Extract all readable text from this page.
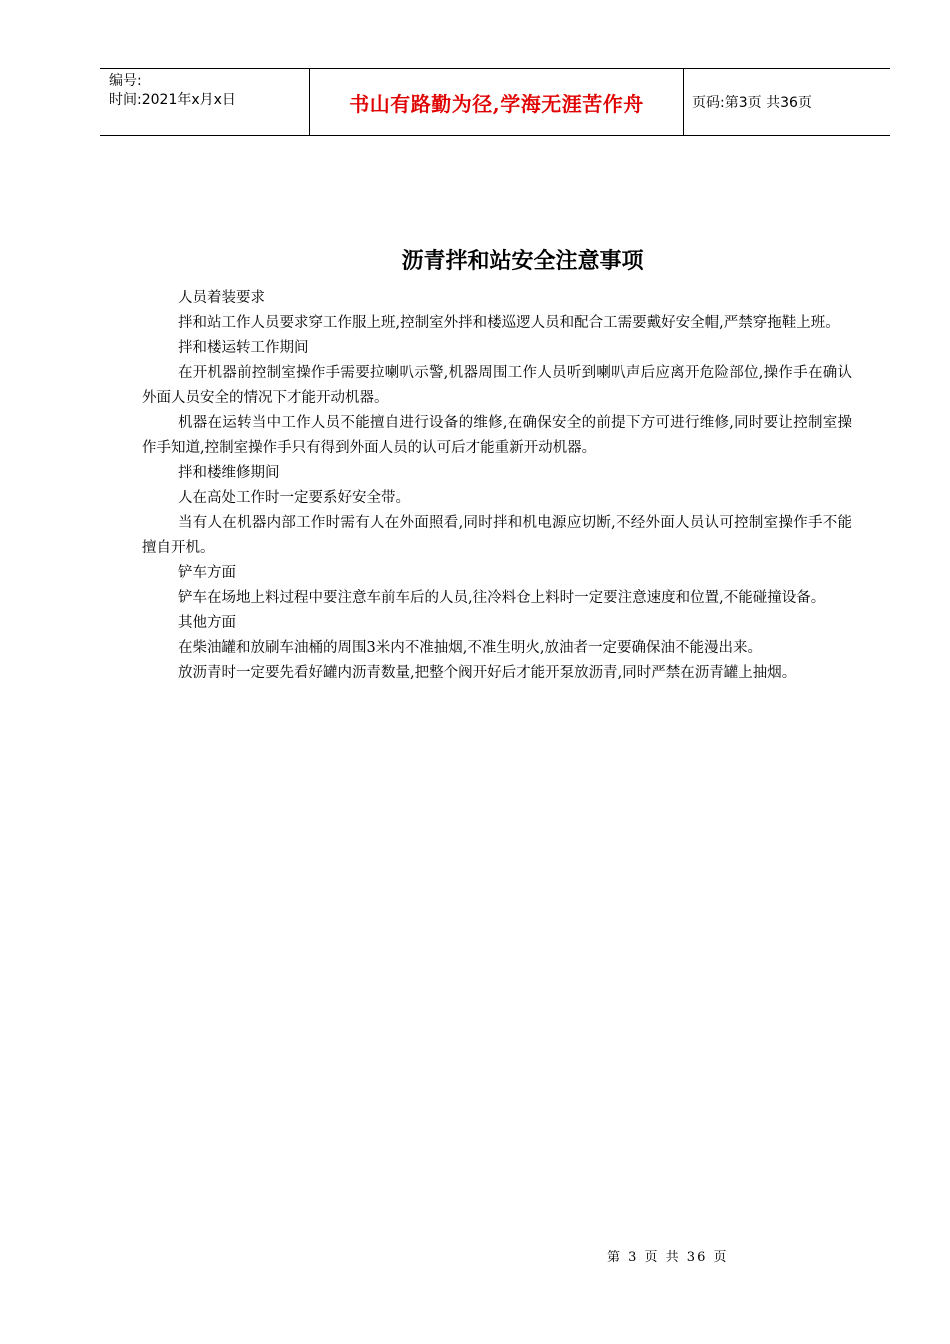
编号:
时间:2021年x月x日	书山有路勤为径,学海无涯苦作舟	页码:第3页 共36页
沥青拌和站安全注意事项

人员着装要求

拌和站工作人员要求穿工作服上班,控制室外拌和楼巡逻人员和配合工需要戴好安全帽,严禁穿拖鞋上班。

拌和楼运转工作期间

在开机器前控制室操作手需要拉喇叭示警,机器周围工作人员听到喇叭声后应离开危险部位,操作手在确认外面人员安全的情况下才能开动机器。

机器在运转当中工作人员不能擅自进行设备的维修,在确保安全的前提下方可进行维修,同时要让控制室操作手知道,控制室操作手只有得到外面人员的认可后才能重新开动机器。

拌和楼维修期间

人在高处工作时一定要系好安全带。

当有人在机器内部工作时需有人在外面照看,同时拌和机电源应切断,不经外面人员认可控制室操作手不能擅自开机。

铲车方面

铲车在场地上料过程中要注意车前车后的人员,往冷料仓上料时一定要注意速度和位置,不能碰撞设备。

其他方面

在柴油罐和放刷车油桶的周围3米内不准抽烟,不准生明火,放油者一定要确保油不能漫出来。

放沥青时一定要先看好罐内沥青数量,把整个阀开好后才能开泵放沥青,同时严禁在沥青罐上抽烟。

第 3 页 共 36 页
